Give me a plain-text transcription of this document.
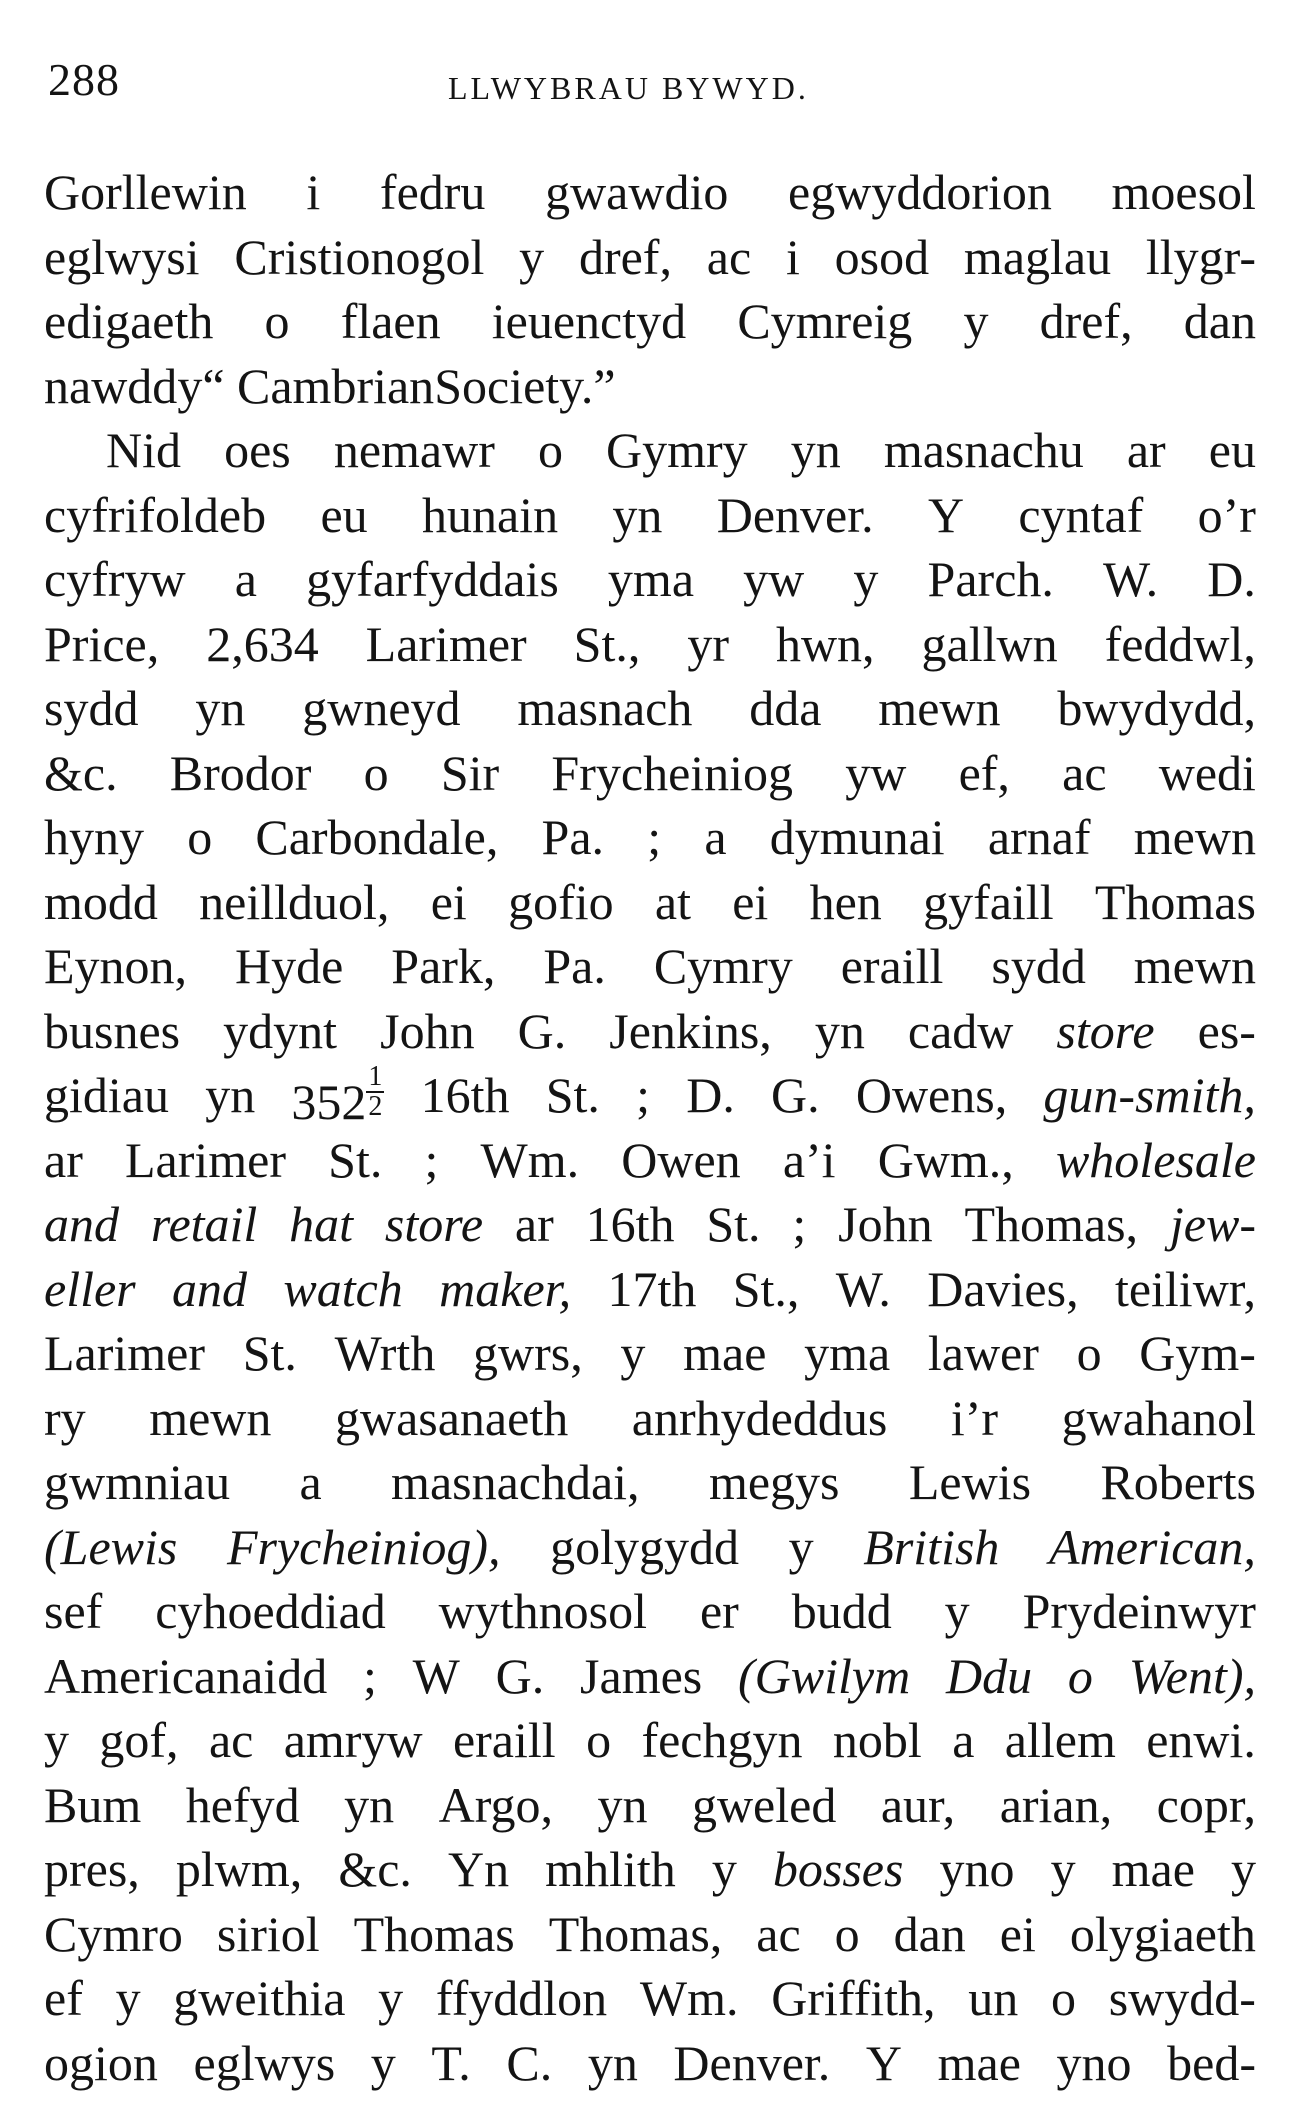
288	LLWYBRAU BYWYD.
Gorllewin i fedru gwawdio egwyddorion moesol
eglwysi Cristionogol y dref, ac i osod maglau llygr-
edigaeth o flaen ieuenctyd Cymreig y dref, dan
nawdd y “ Cambrian Society.”
Nid oes nemawr o Gymry yn masnachu ar eu
cyfrifoldeb eu hunain yn Denver. Y cyntaf o’r
cyfryw a gyfarfyddais yma yw y Parch. W. D.
Price, 2,634 Larimer St., yr hwn, gallwn feddwl,
sydd yn gwneyd masnach dda mewn bwydydd,
&c. Brodor o Sir Frycheiniog yw ef, ac wedi
hyny o Carbondale, Pa. ; a dymunai arnaf mewn
modd neillduol, ei gofio at ei hen gyfaill Thomas
Eynon, Hyde Park, Pa. Cymry eraill sydd mewn
busnes ydynt John G. Jenkins, yn cadw store es-
gidiau yn $352 \frac{1}{2} 16th$ St. ; D. G. Owens, gun-smith,
ar Larimer St. ; Wm. Owen a’i Gwm., wholesale
and retail hat store ar 16th St. ; John Thomas, jew-
eller and watch maker, 17th St., W. Davies, teiliwr,
Larimer St. Wrth gwrs, y mae yma lawer o Gym-
ry mewn gwasanaeth anrhydeddus i’r gwahanol
gwmniau a masnachdai, megys Lewis Roberts
(Lewis Frycheiniog), golygydd y British American,
sef cyhoeddiad wythnosol er budd y Prydeinwyr
Americanaidd ; W G. James (Gwilym Ddu o Went),
y gof, ac amryw eraill o fechgyn nobl a allem enwi.
Bum hefyd yn Argo, yn gweled aur, arian, copr,
pres, plwm, &c. Yn mhlith y bosses yno y mae y
Cymro siriol Thomas Thomas, ac o dan ei olygiaeth
ef y gweithia y ffyddlon Wm. Griffith, un o swydd-
ogion eglwys y T. C. yn Denver. Y mae yno bed-
